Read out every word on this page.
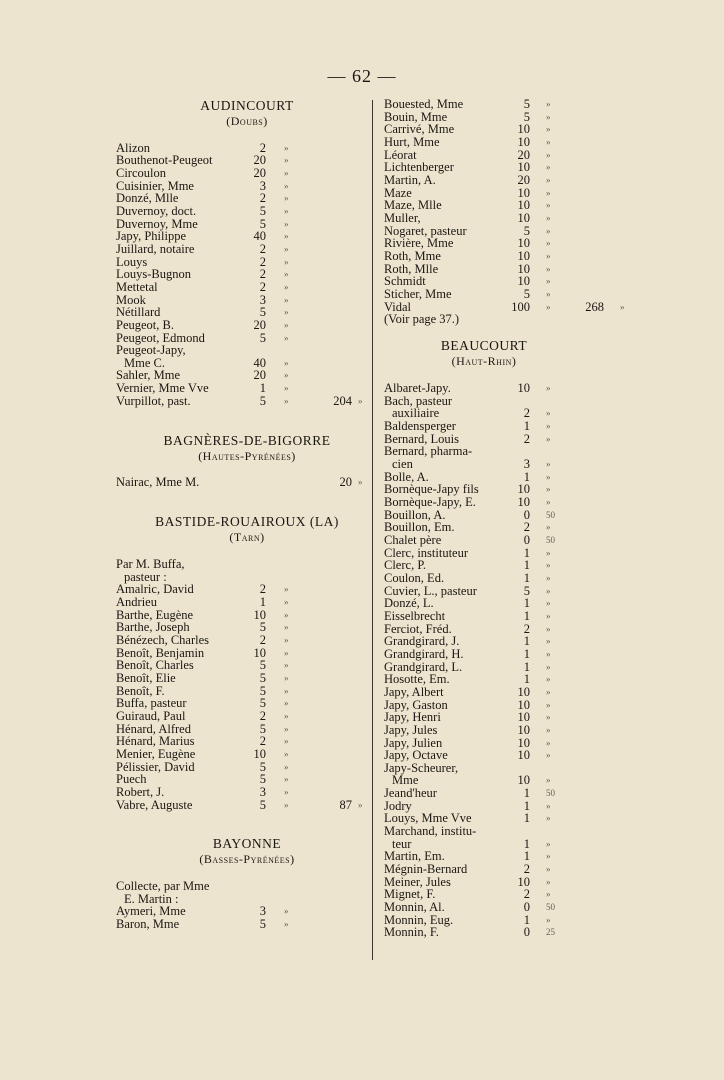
— 62 —
AUDINCOURT
(Doubs)
Alizon	2 »
Bouthenot-Peugeot	20 »
Circoulon	20 »
Cuisinier, Mme	3 »
Donzé, Mlle	2 »
Duvernoy, doct.	5 »
Duvernoy, Mme	5 »
Japy, Philippe	40 »
Juillard, notaire	2 »
Louys	2 »
Louys-Bugnon	2 »
Mettetal	2 »
Mook	3 »
Nétillard	5 »
Peugeot, B.	20 »
Peugeot, Edmond	5 »
Peugeot-Japy,
Mme C.	40 »
Sahler, Mme	20 »
Vernier, Mme Vve	1 »
Vurpillot, past.	5 »	204 »
BAGNÈRES-DE-BIGORRE
(Hautes-Pyrénées)
Nairac, Mme M.	20 »
BASTIDE-ROUAIROUX (LA)
(Tarn)
Par M. Buffa,
pasteur :
Amalric, David	2 »
Andrieu	1 »
Barthe, Eugène	10 »
Barthe, Joseph	5 »
Bénézech, Charles	2 »
Benoît, Benjamin	10 »
Benoît, Charles	5 »
Benoît, Elie	5 »
Benoît, F.	5 »
Buffa, pasteur	5 »
Guiraud, Paul	2 »
Hénard, Alfred	5 »
Hénard, Marius	2 »
Menier, Eugène	10 »
Pélissier, David	5 »
Puech	5 »
Robert, J.	3 »
Vabre, Auguste	5 »	87 »
BAYONNE
(Basses-Pyrénées)
Collecte, par Mme
E. Martin :
Aymeri, Mme	3 »
Baron, Mme	5 »
Bouested, Mme	5 »
Bouin, Mme	5 »
Carrivé, Mme	10 »
Hurt, Mme	10 »
Léorat	20 »
Lichtenberger	10 »
Martin, A.	20 »
Maze	10 »
Maze, Mlle	10 »
Muller,	10 »
Nogaret, pasteur	5 »
Rivière, Mme	10 »
Roth, Mme	10 »
Roth, Mlle	10 »
Schmidt	10 »
Sticher, Mme	5 »
Vidal	100 »	268 »
(Voir page 37.)
BEAUCOURT
(Haut-Rhin)
Albaret-Japy.	10 »
Bach, pasteur
auxiliaire	2 »
Baldensperger	1 »
Bernard, Louis	2 »
Bernard, pharma-
cien	3 »
Bolle, A.	1 »
Bornèque-Japy fils	10 »
Bornèque-Japy, E.	10 »
Bouillon, A.	0 50
Bouillon, Em.	2 »
Chalet père	0 50
Clerc, instituteur	1 »
Clerc, P.	1 »
Coulon, Ed.	1 »
Cuvier, L., pasteur	5 »
Donzé, L.	1 »
Eisselbrecht	1 »
Ferciot, Fréd.	2 »
Grandgirard, J.	1 »
Grandgirard, H.	1 »
Grandgirard, L.	1 »
Hosotte, Em.	1 »
Japy, Albert	10 »
Japy, Gaston	10 »
Japy, Henri	10 »
Japy, Jules	10 »
Japy, Julien	10 »
Japy, Octave	10 »
Japy-Scheurer,
Mme	10 »
Jeand'heur	1 50
Jodry	1 »
Louys, Mme Vve	1 »
Marchand, institu-
teur	1 »
Martin, Em.	1 »
Mégnin-Bernard	2 »
Meiner, Jules	10 »
Mignet, F.	2 »
Monnin, Al.	0 50
Monnin, Eug.	1 »
Monnin, F.	0 25
